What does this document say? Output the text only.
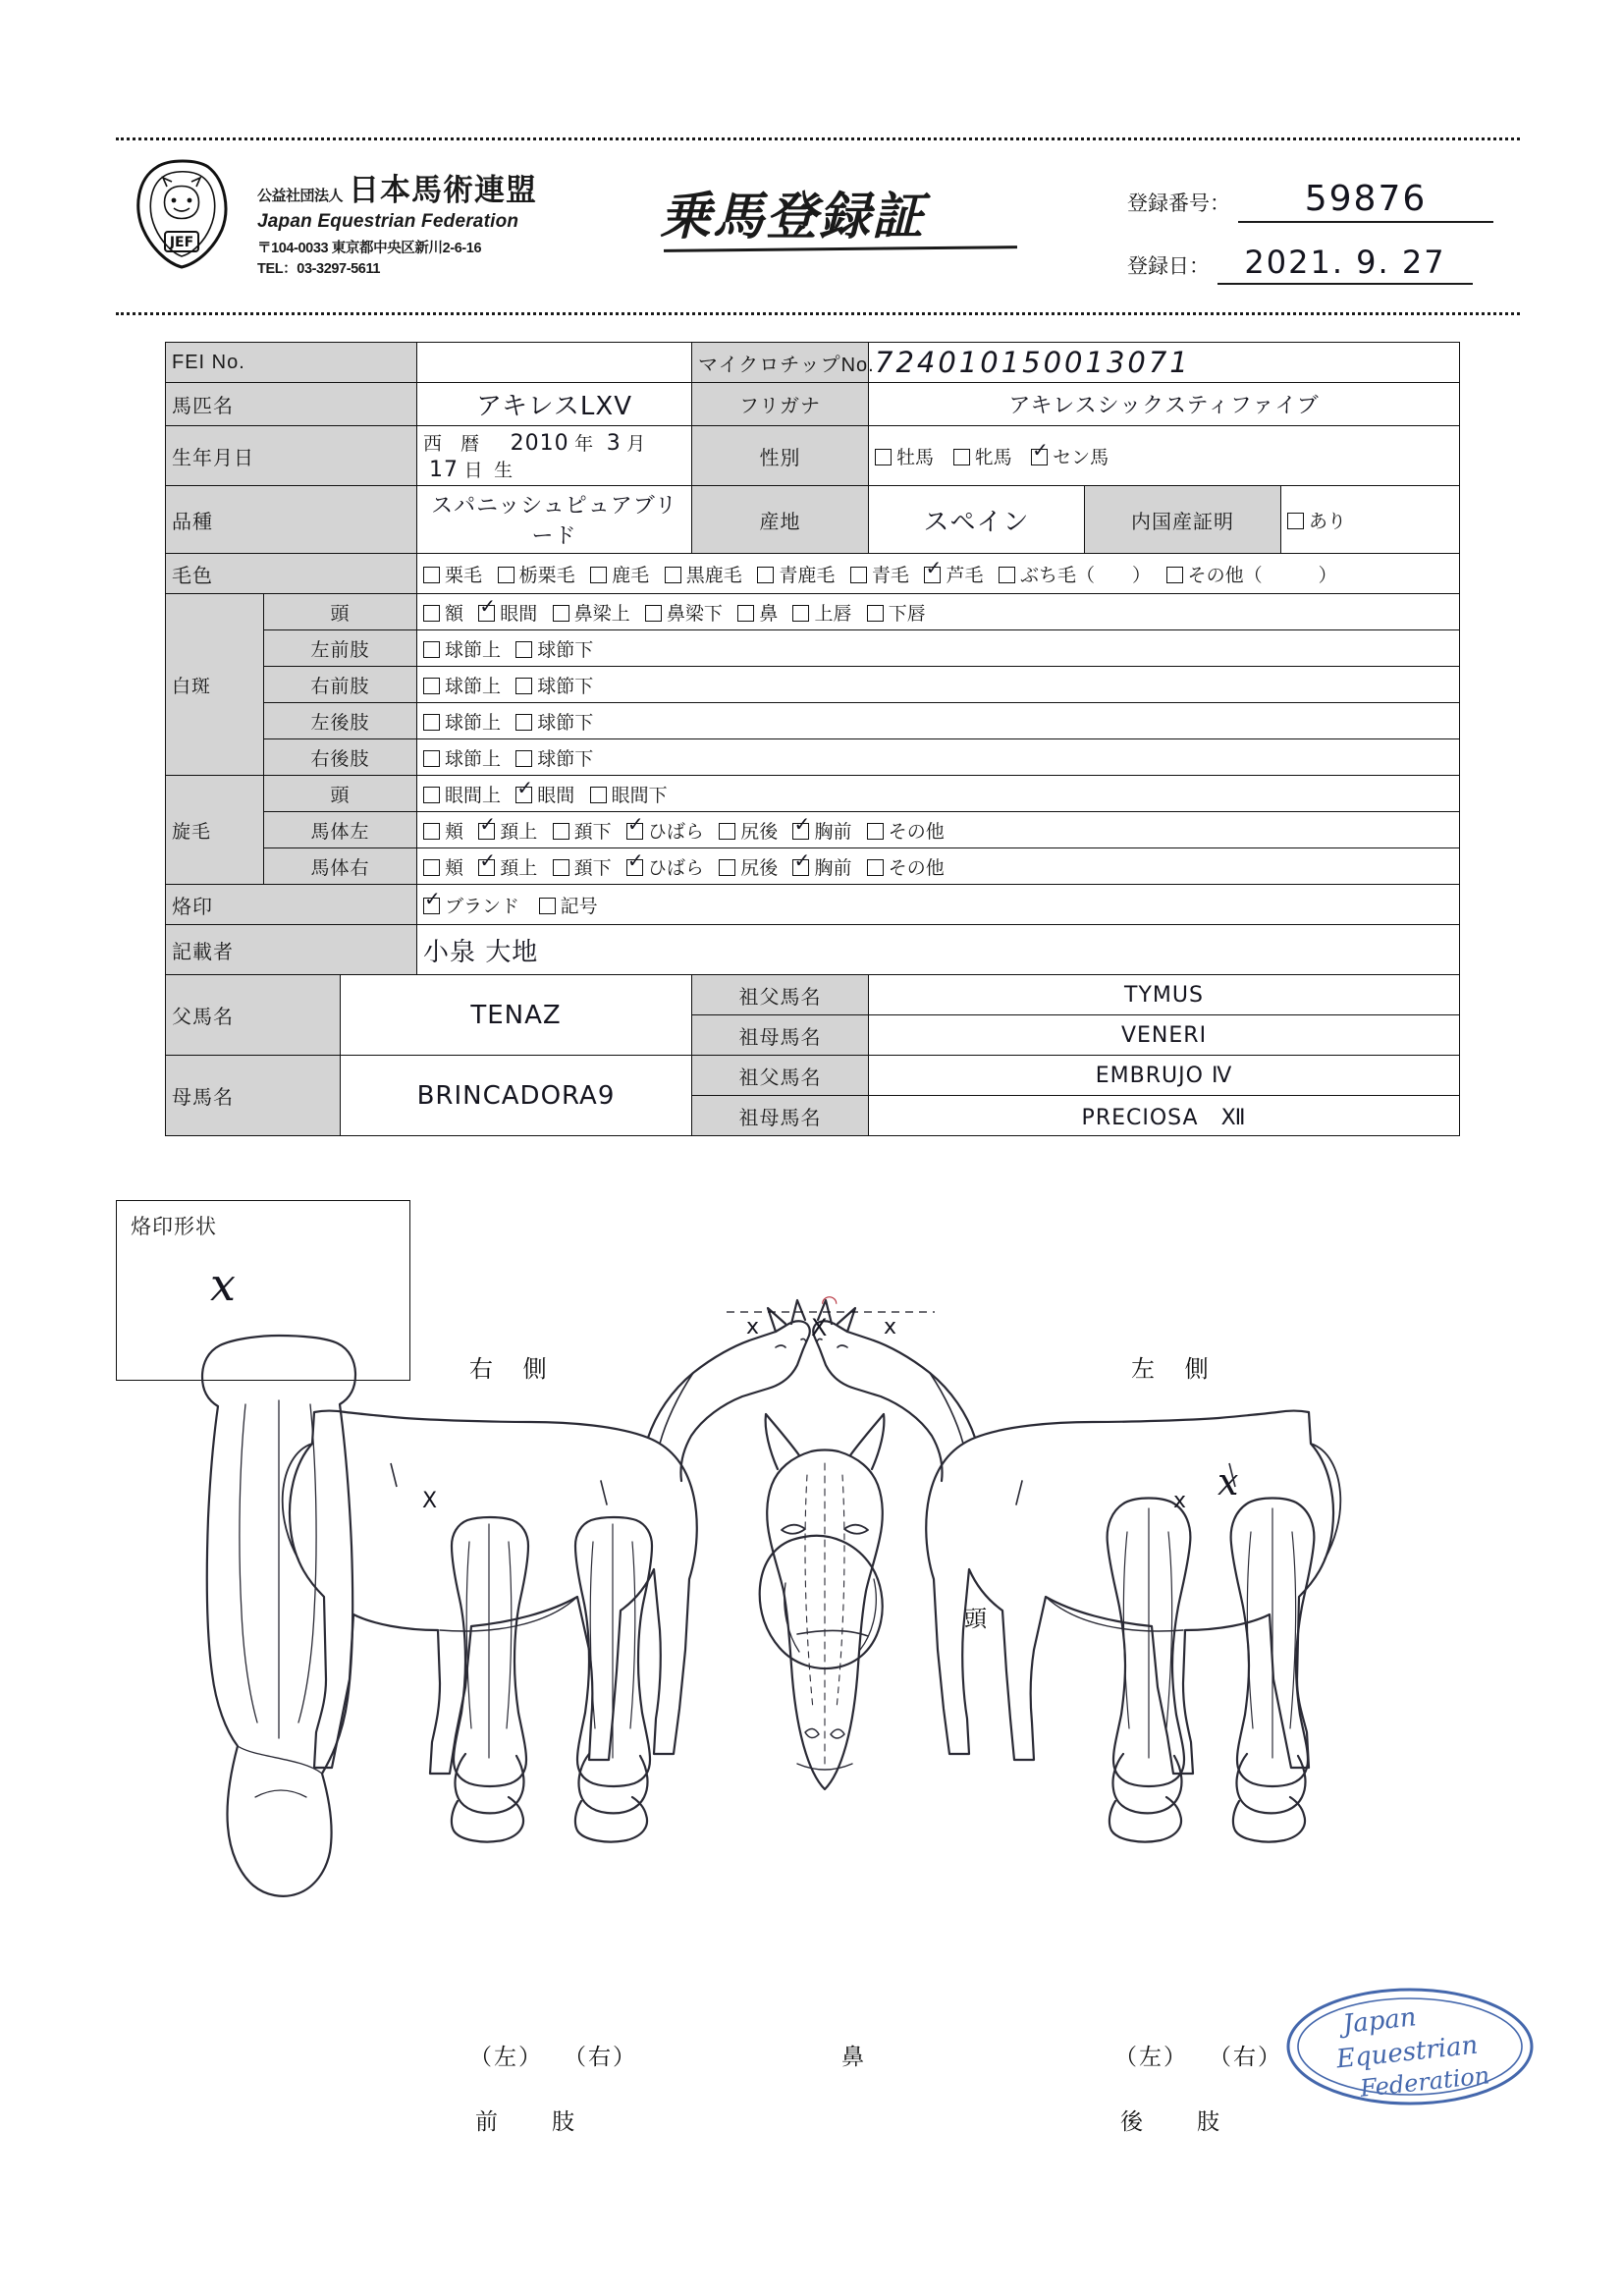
JEF
公益社団法人 日本馬術連盟
Japan Equestrian Federation
〒104-0033 東京都中央区新川2-6-16
TEL：03-3297-5611
乗馬登録証	登録番号：	59876
登録日：	2021. 9. 27
FEI No.				マイクロチップNo.	724010150013071		
馬匹名			アキレスLXV	フリガナ	アキレスシックスティファイブ		
生年月日			西　暦 2010 年 3 月 17 日 生	性別	牡馬 牝馬 ✓ セン馬		
品種			スパニッシュピュアブリード	産地	スペイン	内国産証明	あり
毛色			栗毛 栃栗毛 鹿毛 黒鹿毛 青鹿毛 青毛 ✓ 芦毛 ぶち毛（　　） その他（　　　）				
白斑	頭		額 ✓ 眼間 鼻梁上 鼻梁下 鼻 上唇 下唇				
	左前肢		球節上 球節下				
	右前肢		球節上 球節下				
	左後肢		球節上 球節下				
	右後肢		球節上 球節下				
旋毛	頭		眼間上 ✓ 眼間 眼間下				
馬体左	頬 ✓ 頚上 頚下 ✓ ひばら 尻後 ✓ 胸前 その他
馬体右	頬 ✓ 頚上 頚下 ✓ ひばら 尻後 ✓ 胸前 その他
烙印			✓ ブランド 記号				
記載者			小泉 大地				
父馬名		TENAZ		祖父馬名	TYMUS		
				祖母馬名	VENERI		
母馬名		BRINCADORA9		祖父馬名	EMBRUJO Ⅳ		
				祖母馬名	PRECIOSA　Ⅻ		
烙印形状
x
x	x
X	x x
◠
X
右 側	左 側
頭
鼻
（左） （右）
前　肢
（左） （右）
後　肢
Japan
Equestrian
Federation
